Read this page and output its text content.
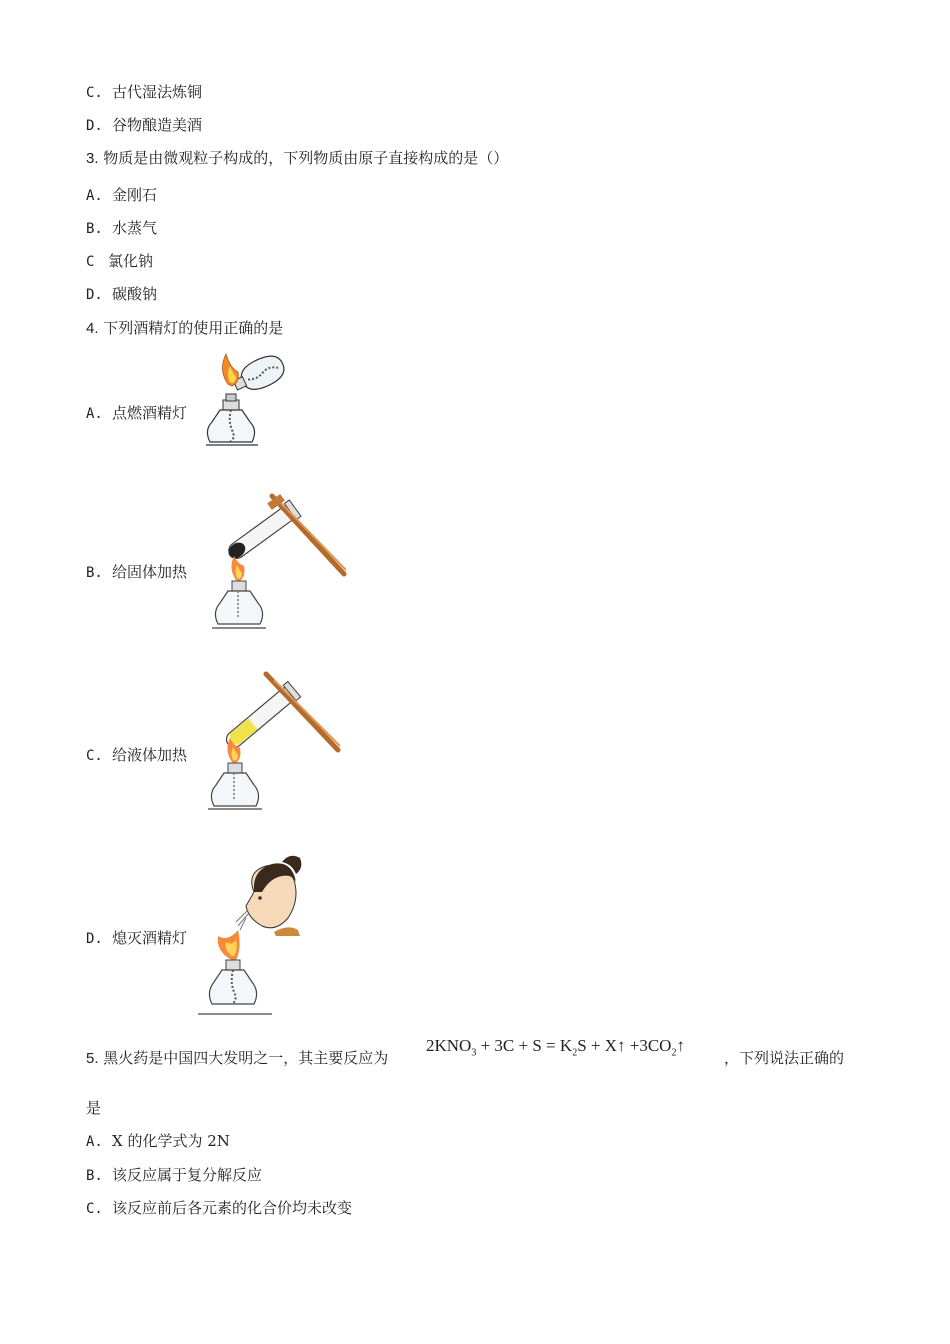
C. 古代湿法炼铜
D. 谷物酿造美酒
3. 物质是由微观粒子构成的，下列物质由原子直接构成的是（）
A. 金刚石
B. 水蒸气
C 氯化钠
D. 碳酸钠
4. 下列酒精灯的使用正确的是
A. 点燃酒精灯
B. 给固体加热
C. 给液体加热
D. 熄灭酒精灯
5. 黑火药是中国四大发明之一，其主要反应为
$2KNO_3 + 3C + S = K_2S$ + X↑ $+3CO_2↑$
，下列说法正确的
是
A. X 的化学式为 2N
B. 该反应属于复分解反应
C. 该反应前后各元素的化合价均未改变
